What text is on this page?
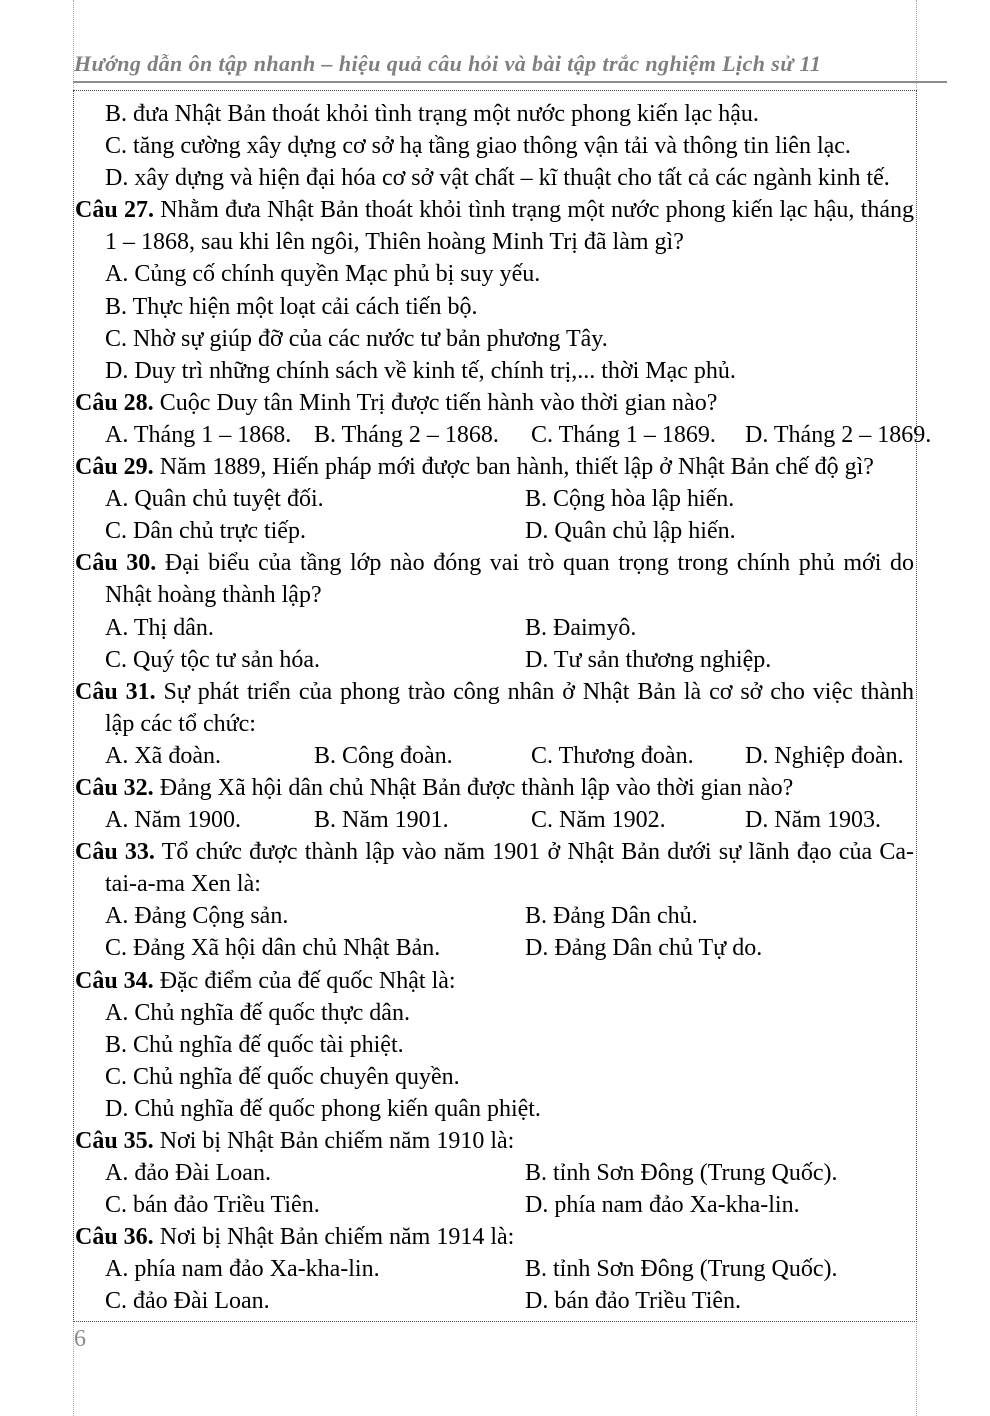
Hướng dẫn ôn tập nhanh – hiệu quả câu hỏi và bài tập trắc nghiệm Lịch sử 11
B. đưa Nhật Bản thoát khỏi tình trạng một nước phong kiến lạc hậu.
C. tăng cường xây dựng cơ sở hạ tầng giao thông vận tải và thông tin liên lạc.
D. xây dựng và hiện đại hóa cơ sở vật chất – kĩ thuật cho tất cả các ngành kinh tế.

Câu 27. Nhằm đưa Nhật Bản thoát khỏi tình trạng một nước phong kiến lạc hậu, tháng 1 – 1868, sau khi lên ngôi, Thiên hoàng Minh Trị đã làm gì?

A. Củng cố chính quyền Mạc phủ bị suy yếu.
B. Thực hiện một loạt cải cách tiến bộ.
C. Nhờ sự giúp đỡ của các nước tư bản phương Tây.
D. Duy trì những chính sách về kinh tế, chính trị,... thời Mạc phủ.

Câu 28. Cuộc Duy tân Minh Trị được tiến hành vào thời gian nào?

A. Tháng 1 – 1868. B. Tháng 2 – 1868.	C. Tháng 1 – 1869.	D. Tháng 2 – 1869.

Câu 29. Năm 1889, Hiến pháp mới được ban hành, thiết lập ở Nhật Bản chế độ gì?

A. Quân chủ tuyệt đối.	B. Cộng hòa lập hiến.
C. Dân chủ trực tiếp.	D. Quân chủ lập hiến.

Câu 30. Đại biểu của tầng lớp nào đóng vai trò quan trọng trong chính phủ mới do Nhật hoàng thành lập?

A. Thị dân.	B. Đaimyô.
C. Quý tộc tư sản hóa.	D. Tư sản thương nghiệp.

Câu 31. Sự phát triển của phong trào công nhân ở Nhật Bản là cơ sở cho việc thành lập các tổ chức:

A. Xã đoàn.	B. Công đoàn.	C. Thương đoàn.	D. Nghiệp đoàn.

Câu 32. Đảng Xã hội dân chủ Nhật Bản được thành lập vào thời gian nào?

A. Năm 1900.	B. Năm 1901.	C. Năm 1902.	D. Năm 1903.

Câu 33. Tổ chức được thành lập vào năm 1901 ở Nhật Bản dưới sự lãnh đạo của Ca-tai-a-ma Xen là:

A. Đảng Cộng sản.	B. Đảng Dân chủ.
C. Đảng Xã hội dân chủ Nhật Bản.	D. Đảng Dân chủ Tự do.

Câu 34. Đặc điểm của đế quốc Nhật là:

A. Chủ nghĩa đế quốc thực dân.
B. Chủ nghĩa đế quốc tài phiệt.
C. Chủ nghĩa đế quốc chuyên quyền.
D. Chủ nghĩa đế quốc phong kiến quân phiệt.

Câu 35. Nơi bị Nhật Bản chiếm năm 1910 là:

A. đảo Đài Loan.	B. tỉnh Sơn Đông (Trung Quốc).
C. bán đảo Triều Tiên.	D. phía nam đảo Xa-kha-lin.

Câu 36. Nơi bị Nhật Bản chiếm năm 1914 là:

A. phía nam đảo Xa-kha-lin.	B. tỉnh Sơn Đông (Trung Quốc).
C. đảo Đài Loan.	D. bán đảo Triều Tiên.
6
